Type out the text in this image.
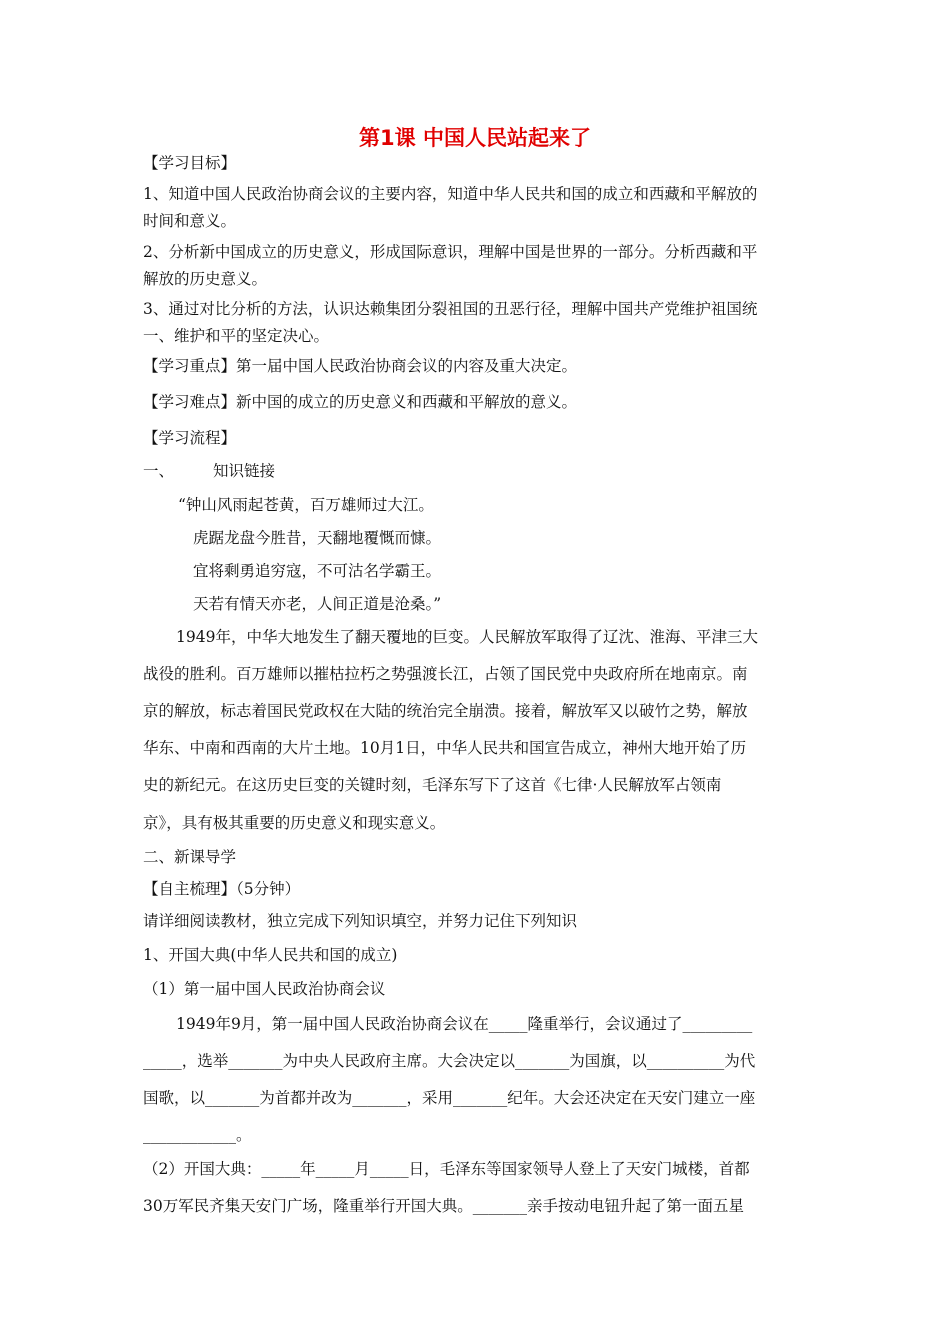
第1课 中国人民站起来了
【学习目标】
1、知道中国人民政治协商会议的主要内容，知道中华人民共和国的成立和西藏和平解放的
时间和意义。
2、分析新中国成立的历史意义，形成国际意识，理解中国是世界的一部分。分析西藏和平
解放的历史意义。
3、通过对比分析的方法，认识达赖集团分裂祖国的丑恶行径，理解中国共产党维护祖国统
一、维护和平的坚定决心。
【学习重点】第一届中国人民政治协商会议的内容及重大决定。
【学习难点】新中国的成立的历史意义和西藏和平解放的意义。
【学习流程】
一、	知识链接
“钟山风雨起苍黄，百万雄师过大江。
虎踞龙盘今胜昔，天翻地覆慨而慷。
宜将剩勇追穷寇，不可沽名学霸王。
天若有情天亦老，人间正道是沧桑。”
1949年，中华大地发生了翻天覆地的巨变。人民解放军取得了辽沈、淮海、平津三大
战役的胜利。百万雄师以摧枯拉朽之势强渡长江，占领了国民党中央政府所在地南京。南
京的解放，标志着国民党政权在大陆的统治完全崩溃。接着，解放军又以破竹之势，解放
华东、中南和西南的大片土地。10月1日，中华人民共和国宣告成立，神州大地开始了历
史的新纪元。在这历史巨变的关键时刻，毛泽东写下了这首《七律·人民解放军占领南
京》，具有极其重要的历史意义和现实意义。
二、新课导学
【自主梳理】（5分钟）
请详细阅读教材，独立完成下列知识填空，并努力记住下列知识
1、开国大典(中华人民共和国的成立)
（1）第一届中国人民政治协商会议
1949年9月，第一届中国人民政治协商会议在_____隆重举行，会议通过了_________
_____，选举_______为中央人民政府主席。大会决定以_______为国旗，以__________为代
国歌，以_______为首都并改为_______，采用_______纪年。大会还决定在天安门建立一座
____________。
（2）开国大典：_____年_____月_____日，毛泽东等国家领导人登上了天安门城楼，首都
30万军民齐集天安门广场，隆重举行开国大典。_______亲手按动电钮升起了第一面五星
